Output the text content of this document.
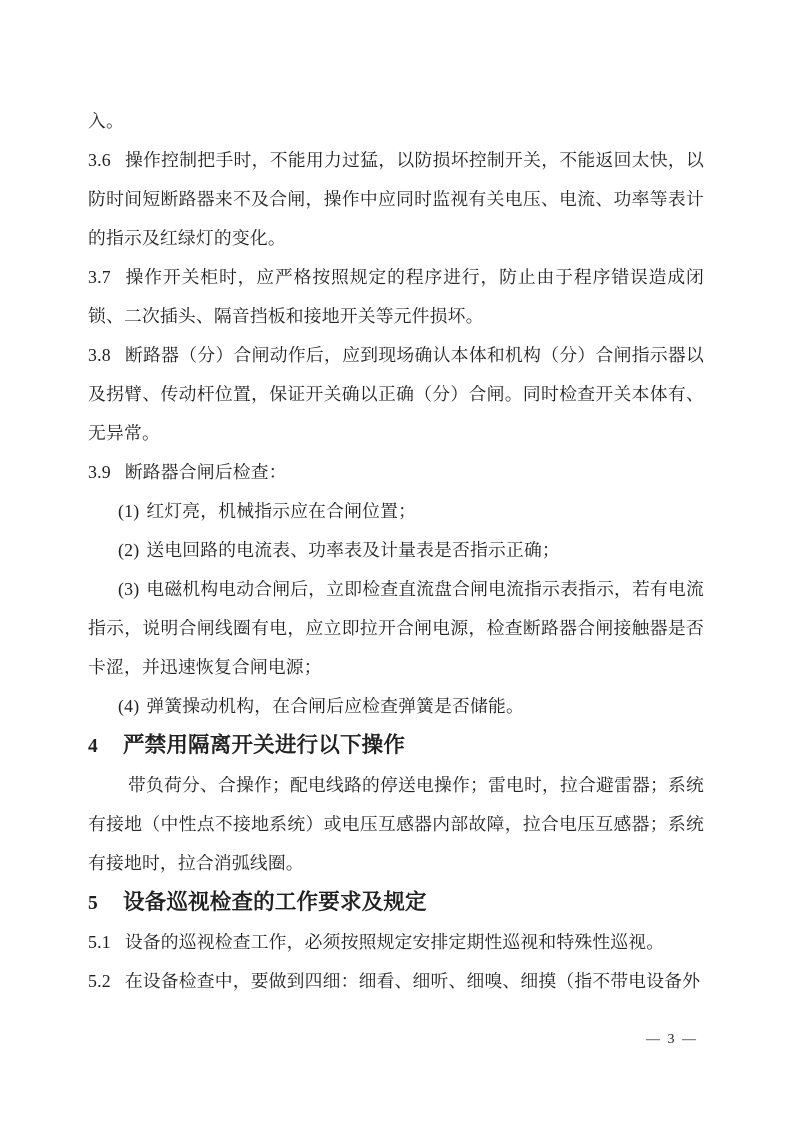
入。

3.6 操作控制把手时，不能用力过猛，以防损坏控制开关，不能返回太快，以防时间短断路器来不及合闸，操作中应同时监视有关电压、电流、功率等表计的指示及红绿灯的变化。

3.7 操作开关柜时，应严格按照规定的程序进行，防止由于程序错误造成闭锁、二次插头、隔音挡板和接地开关等元件损坏。

3.8 断路器（分）合闸动作后，应到现场确认本体和机构（分）合闸指示器以及拐臂、传动杆位置，保证开关确以正确（分）合闸。同时检查开关本体有、无异常。

3.9 断路器合闸后检查：

(1) 红灯亮，机械指示应在合闸位置；

(2) 送电回路的电流表、功率表及计量表是否指示正确；

(3) 电磁机构电动合闸后，立即检查直流盘合闸电流指示表指示，若有电流指示，说明合闸线圈有电，应立即拉开合闸电源，检查断路器合闸接触器是否卡涩，并迅速恢复合闸电源；

(4) 弹簧操动机构，在合闸后应检查弹簧是否储能。

4 严禁用隔离开关进行以下操作

带负荷分、合操作；配电线路的停送电操作；雷电时，拉合避雷器；系统有接地（中性点不接地系统）或电压互感器内部故障，拉合电压互感器；系统有接地时，拉合消弧线圈。

5 设备巡视检查的工作要求及规定

5.1 设备的巡视检查工作，必须按照规定安排定期性巡视和特殊性巡视。

5.2 在设备检查中，要做到四细：细看、细听、细嗅、细摸（指不带电设备外

— 3 —
